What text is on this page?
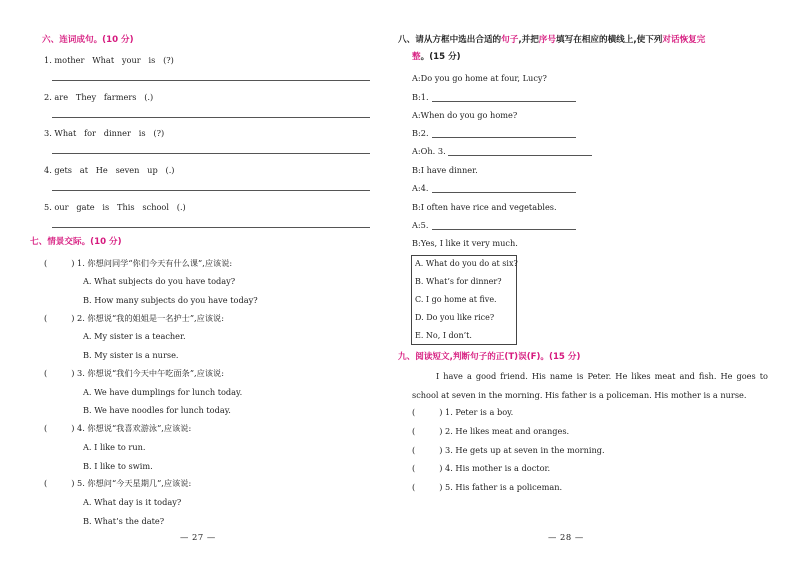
六、连词成句。(10 分)
1. mother   What   your   is   (?)
2. are   They   farmers   (.)
3. What   for   dinner   is   (?)
4. gets   at   He   seven   up   (.)
5. our   gate   is   This   school   (.)
七、情景交际。(10 分)
(	) 1. 你想问同学“你们今天有什么课”,应该说:
A. What subjects do you have today?
B. How many subjects do you have today?
(	) 2. 你想说“我的姐姐是一名护士”,应该说:
A. My sister is a teacher.
B. My sister is a nurse.
(	) 3. 你想说“我们今天中午吃面条”,应该说:
A. We have dumplings for lunch today.
B. We have noodles for lunch today.
(	) 4. 你想说“我喜欢游泳”,应该说:
A. I like to run.
B. I like to swim.
(	) 5. 你想问“今天星期几”,应该说:
A. What day is it today?
B. What’s the date?
— 27 —
八、请从方框中选出合适的句子,并把序号填写在相应的横线上,使下列对话恢复完
整。(15 分)
A:Do you go home at four, Lucy?
B:1.
A:When do you go home?
B:2.
A:Oh. 3.
B:I have dinner.
A:4.
B:I often have rice and vegetables.
A:5.
B:Yes, I like it very much.
A. What do you do at six?
B. What’s for dinner?
C. I go home at five.
D. Do you like rice?
E. No, I don’t.
九、阅读短文,判断句子的正(T)误(F)。(15 分)
I have a good friend. His name is Peter. He likes meat and fish. He goes to school at seven in the morning. His father is a policeman. His mother is a nurse.
(	) 1. Peter is a boy.
(	) 2. He likes meat and oranges.
(	) 3. He gets up at seven in the morning.
(	) 4. His mother is a doctor.
(	) 5. His father is a policeman.
— 28 —
